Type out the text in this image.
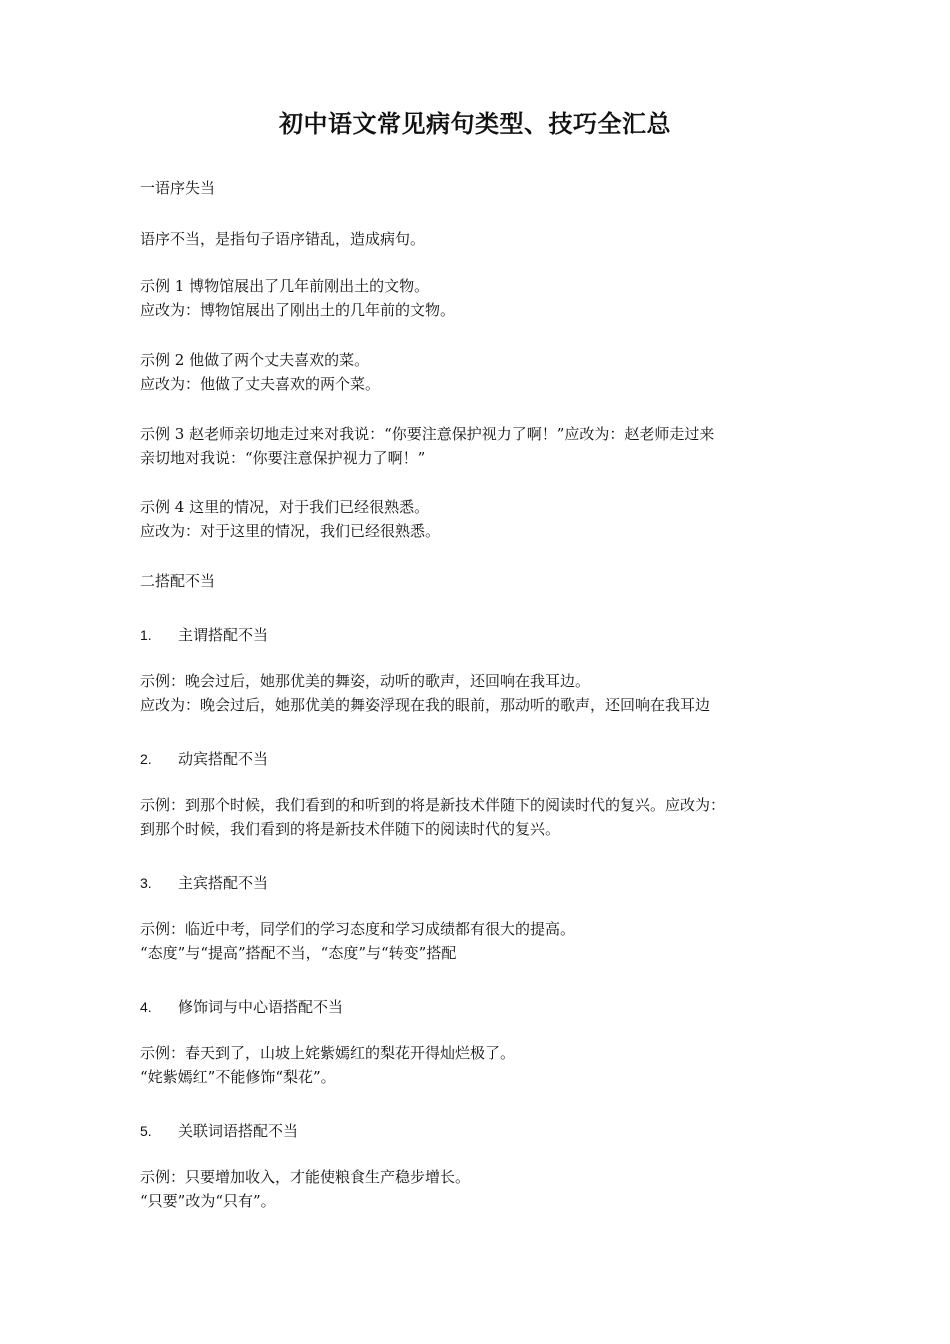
初中语文常见病句类型、技巧全汇总
一语序失当
语序不当，是指句子语序错乱，造成病句。
示例 1 博物馆展出了几年前刚出土的文物。
应改为：博物馆展出了刚出土的几年前的文物。
示例 2 他做了两个丈夫喜欢的菜。
应改为：他做了丈夫喜欢的两个菜。
示例 3 赵老师亲切地走过来对我说：“你要注意保护视力了啊！”应改为：赵老师走过来
亲切地对我说：“你要注意保护视力了啊！”
示例 4 这里的情况，对于我们已经很熟悉。
应改为：对于这里的情况，我们已经很熟悉。
二搭配不当
1. 主谓搭配不当
示例：晚会过后，她那优美的舞姿，动听的歌声，还回响在我耳边。
应改为：晚会过后，她那优美的舞姿浮现在我的眼前，那动听的歌声，还回响在我耳边
2. 动宾搭配不当
示例：到那个时候，我们看到的和听到的将是新技术伴随下的阅读时代的复兴。应改为：
到那个时候，我们看到的将是新技术伴随下的阅读时代的复兴。
3. 主宾搭配不当
示例：临近中考，同学们的学习态度和学习成绩都有很大的提高。
“态度”与“提高”搭配不当，“态度”与“转变”搭配
4. 修饰词与中心语搭配不当
示例：春天到了，山坡上姹紫嫣红的梨花开得灿烂极了。
“姹紫嫣红”不能修饰“梨花”。
5. 关联词语搭配不当
示例：只要增加收入，才能使粮食生产稳步增长。
“只要”改为“只有”。
